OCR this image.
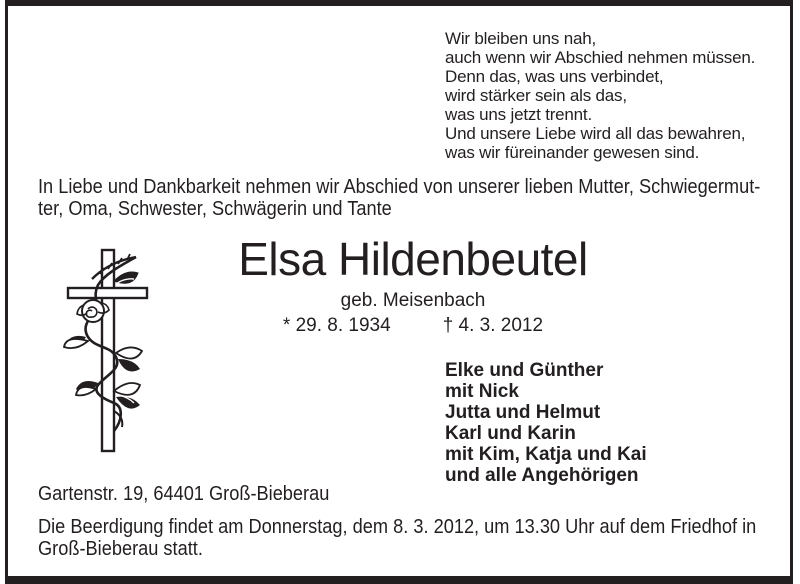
Wir bleiben uns nah,
auch wenn wir Abschied nehmen müssen.
Denn das, was uns verbindet,
wird stärker sein als das,
was uns jetzt trennt.
Und unsere Liebe wird all das bewahren,
was wir füreinander gewesen sind.
In Liebe und Dankbarkeit nehmen wir Abschied von unserer lieben Mutter, Schwiegermut-
ter, Oma, Schwester, Schwägerin und Tante
Elsa Hildenbeutel
geb. Meisenbach
* 29. 8. 1934	† 4. 3. 2012
Elke und Günther
mit Nick
Jutta und Helmut
Karl und Karin
mit Kim, Katja und Kai
und alle Angehörigen
Gartenstr. 19, 64401 Groß-Bieberau
Die Beerdigung findet am Donnerstag, dem 8. 3. 2012, um 13.30 Uhr auf dem Friedhof in
Groß-Bieberau statt.
